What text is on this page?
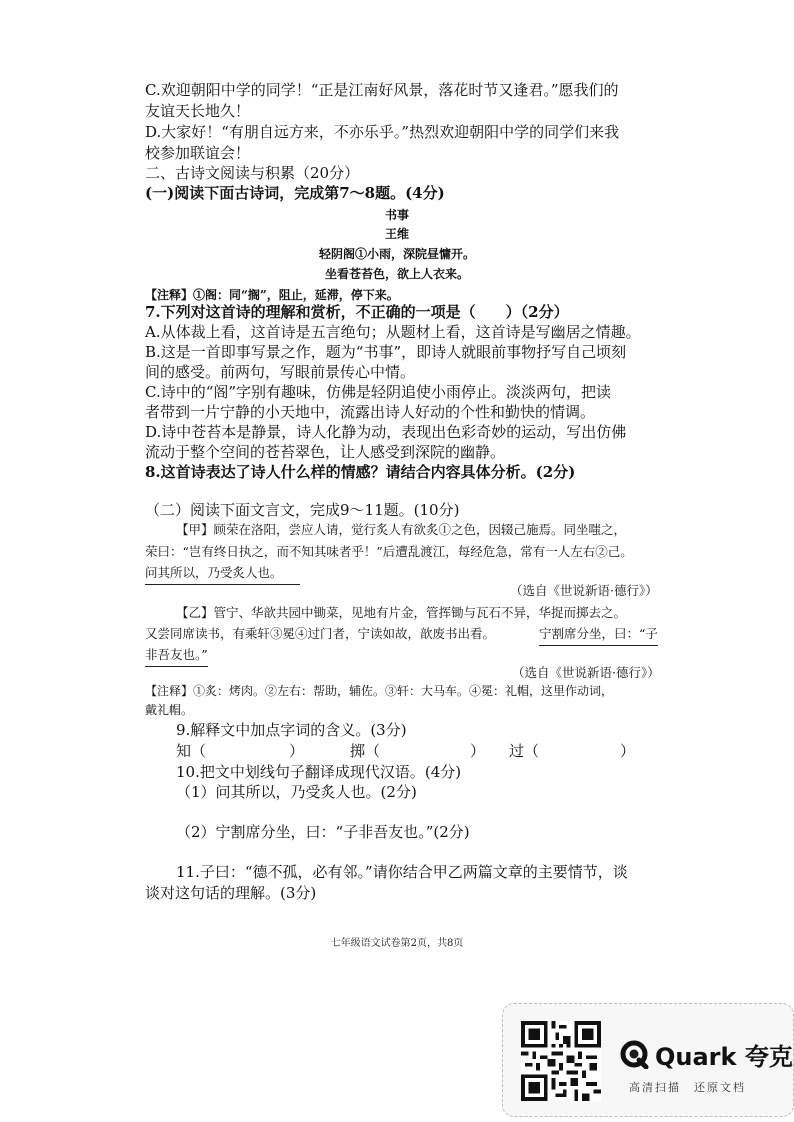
C.欢迎朝阳中学的同学！“正是江南好风景，落花时节又逢君。”愿我们的
友谊天长地久！
D.大家好！“有朋自远方来，不亦乐乎。”热烈欢迎朝阳中学的同学们来我
校参加联谊会！
二、古诗文阅读与积累（20分）
(一)阅读下面古诗词，完成第7～8题。(4分)
书事
王维
轻阴阁①小雨，深院昼慵开。
坐看苍苔色，欲上人衣来。
【注释】①阁：同“搁”，阻止，延滞，停下来。
7.下列对这首诗的理解和赏析，不正确的一项是（　　）（2分）
A.从体裁上看，这首诗是五言绝句；从题材上看，这首诗是写幽居之情趣。
B.这是一首即事写景之作，题为“书事”，即诗人就眼前事物抒写自己顷刻
间的感受。前两句，写眼前景传心中情。
C.诗中的“阁”字别有趣味，仿佛是轻阴追使小雨停止。淡淡两句，把读
者带到一片宁静的小天地中，流露出诗人好动的个性和勤快的情调。
D.诗中苍苔本是静景，诗人化静为动，表现出色彩奇妙的运动，写出仿佛
流动于整个空间的苍苔翠色，让人感受到深院的幽静。
8.这首诗表达了诗人什么样的情感？请结合内容具体分析。(2分)
（二）阅读下面文言文，完成9～11题。(10分)
【甲】顾荣在洛阳，尝应人请，觉行炙人有欲炙①之色，因辍己施焉。同坐嗤之，
荣曰：“岂有终日执之，而不知其味者乎！”后遭乱渡江，每经危急，常有一人左右②己。
问其所以，乃受炙人也。
（选自《世说新语·德行》）
【乙】管宁、华歆共园中锄菜，见地有片金，管挥锄与瓦石不异，华捉而掷去之。
又尝同席读书，有乘轩③冕④过门者，宁读如故，歆废书出看。	宁割席分坐，曰：“子
非吾友也。”
（选自《世说新语·德行》）
【注释】①炙：烤肉。②左右：帮助，辅佐。③轩：大马车。④冕：礼帽，这里作动词，
戴礼帽。
9.解释文中加点字词的含义。(3分)
知（	）	掷（	） 过（	）
10.把文中划线句子翻译成现代汉语。(4分)
（1）问其所以，乃受炙人也。(2分)
（2）宁割席分坐，曰：“子非吾友也。”(2分)
11.子曰：“德不孤，必有邻。”请你结合甲乙两篇文章的主要情节，谈
谈对这句话的理解。(3分)
七年级语文试卷第2页，共8页
Quark 夸克
高清扫描　还原文档
